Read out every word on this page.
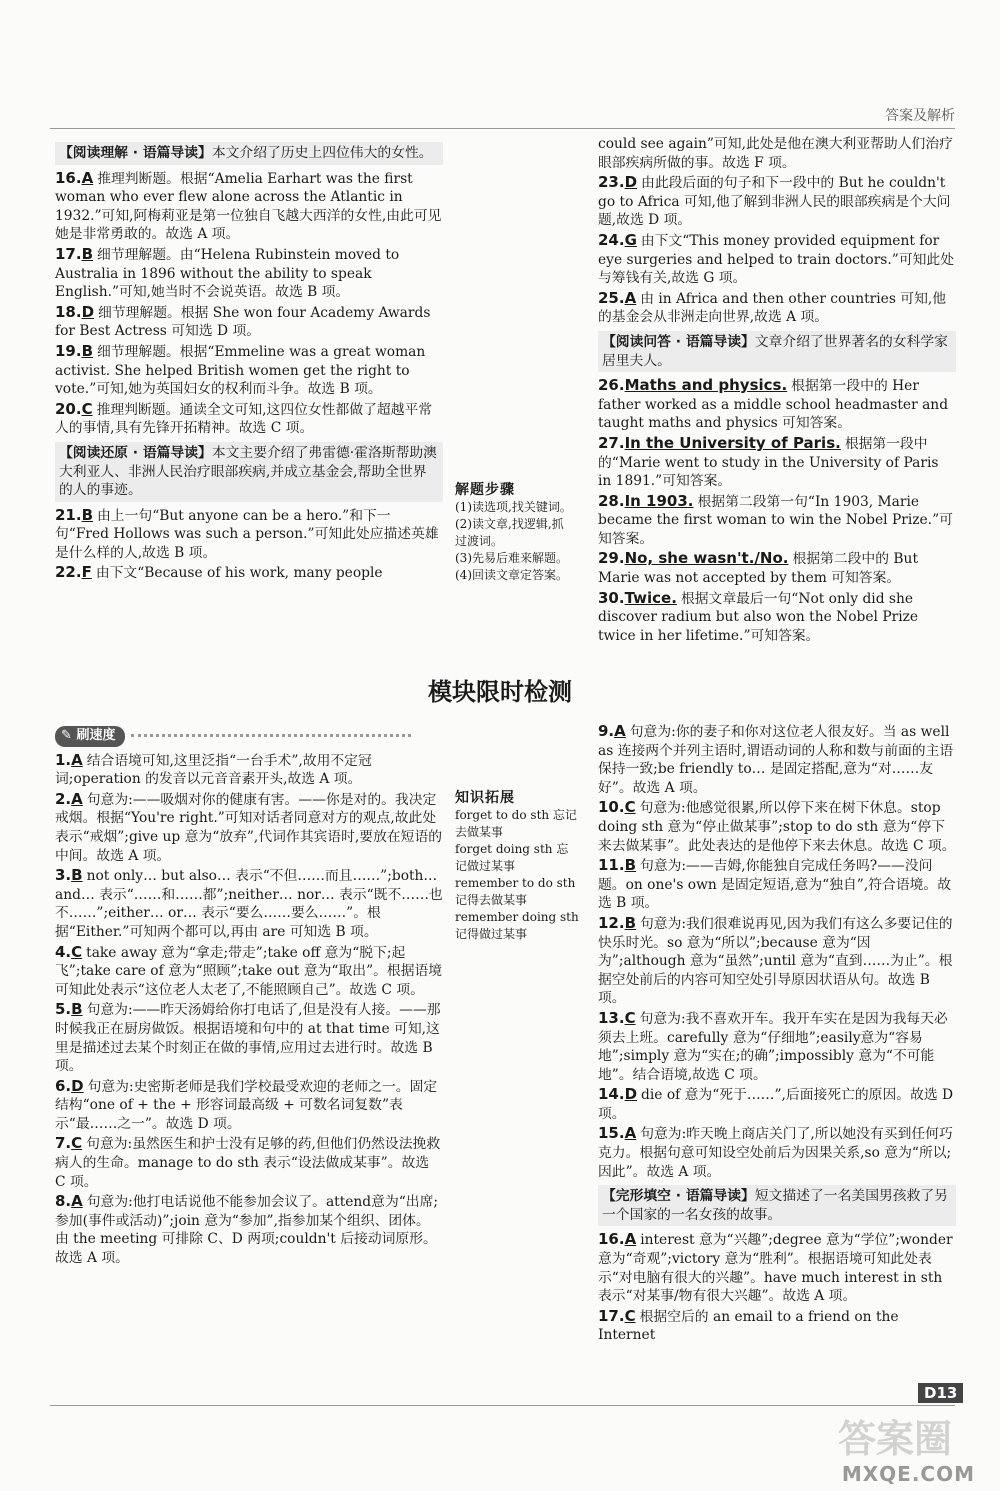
答案及解析
【阅读理解 · 语篇导读】本文介绍了历史上四位伟大的女性。
16.A 推理判断题。根据“Amelia Earhart was the first woman who ever flew alone across the Atlantic in 1932.”可知,阿梅莉亚是第一位独自飞越大西洋的女性,由此可见她是非常勇敢的。故选 A 项。
17.B 细节理解题。由“Helena Rubinstein moved to Australia in 1896 without the ability to speak English.”可知,她当时不会说英语。故选 B 项。
18.D 细节理解题。根据 She won four Academy Awards for Best Actress 可知选 D 项。
19.B 细节理解题。根据“Emmeline was a great woman activist. She helped British women get the right to vote.”可知,她为英国妇女的权利而斗争。故选 B 项。
20.C 推理判断题。通读全文可知,这四位女性都做了超越平常人的事情,具有先锋开拓精神。故选 C 项。
【阅读还原 · 语篇导读】本文主要介绍了弗雷德·霍洛斯帮助澳大利亚人、非洲人民治疗眼部疾病,并成立基金会,帮助全世界的人的事迹。
21.B 由上一句“But anyone can be a hero.”和下一句“Fred Hollows was such a person.”可知此处应描述英雄是什么样的人,故选 B 项。
22.F 由下文“Because of his work, many people
解题步骤
(1)读选项,找关键词。
(2)读文章,找逻辑,抓过渡词。
(3)先易后难来解题。
(4)回读文章定答案。
could see again”可知,此处是他在澳大利亚帮助人们治疗眼部疾病所做的事。故选 F 项。
23.D 由此段后面的句子和下一段中的 But he couldn't go to Africa 可知,他了解到非洲人民的眼部疾病是个大问题,故选 D 项。
24.G 由下文“This money provided equipment for eye surgeries and helped to train doctors.”可知此处与筹钱有关,故选 G 项。
25.A 由 in Africa and then other countries 可知,他的基金会从非洲走向世界,故选 A 项。
【阅读问答 · 语篇导读】文章介绍了世界著名的女科学家居里夫人。
26.Maths and physics. 根据第一段中的 Her father worked as a middle school headmaster and taught maths and physics 可知答案。
27.In the University of Paris. 根据第一段中的“Marie went to study in the University of Paris in 1891.”可知答案。
28.In 1903. 根据第二段第一句“In 1903, Marie became the first woman to win the Nobel Prize.”可知答案。
29.No, she wasn't./No. 根据第二段中的 But Marie was not accepted by them 可知答案。
30.Twice. 根据文章最后一句“Not only did she discover radium but also won the Nobel Prize twice in her lifetime.”可知答案。
模块限时检测
✎ 刷速度
1.A 结合语境可知,这里泛指“一台手术”,故用不定冠词;operation 的发音以元音音素开头,故选 A 项。
2.A 句意为:——吸烟对你的健康有害。——你是对的。我决定戒烟。根据“You're right.”可知对话者同意对方的观点,故此处表示“戒烟”;give up 意为“放弃”,代词作其宾语时,要放在短语的中间。故选 A 项。
3.B not only… but also… 表示“不但……而且……”;both… and… 表示“……和……都”;neither… nor… 表示“既不……也不……”;either… or… 表示“要么……要么……”。根据“Either.”可知两个都可以,再由 are 可知选 B 项。
4.C take away 意为“拿走;带走”;take off 意为“脱下;起飞”;take care of 意为“照顾”;take out 意为“取出”。根据语境可知此处表示“这位老人太老了,不能照顾自己”。故选 C 项。
5.B 句意为:——昨天汤姆给你打电话了,但是没有人接。——那时候我正在厨房做饭。根据语境和句中的 at that time 可知,这里是描述过去某个时刻正在做的事情,应用过去进行时。故选 B 项。
6.D 句意为:史密斯老师是我们学校最受欢迎的老师之一。固定结构“one of + the + 形容词最高级 + 可数名词复数”表示“最……之一”。故选 D 项。
7.C 句意为:虽然医生和护士没有足够的药,但他们仍然设法挽救病人的生命。manage to do sth 表示“设法做成某事”。故选 C 项。
8.A 句意为:他打电话说他不能参加会议了。attend意为“出席;参加(事件或活动)”;join 意为“参加”,指参加某个组织、团体。由 the meeting 可排除 C、D 两项;couldn't 后接动词原形。故选 A 项。
知识拓展
forget to do sth 忘记去做某事
forget doing sth 忘记做过某事
remember to do sth 记得去做某事
remember doing sth 记得做过某事
9.A 句意为:你的妻子和你对这位老人很友好。当 as well as 连接两个并列主语时,谓语动词的人称和数与前面的主语保持一致;be friendly to… 是固定搭配,意为“对……友好”。故选 A 项。
10.C 句意为:他感觉很累,所以停下来在树下休息。stop doing sth 意为“停止做某事”;stop to do sth 意为“停下来去做某事”。此处表达的是他停下来去休息。故选 C 项。
11.B 句意为:——吉姆,你能独自完成任务吗?——没问题。on one's own 是固定短语,意为“独自”,符合语境。故选 B 项。
12.B 句意为:我们很难说再见,因为我们有这么多要记住的快乐时光。so 意为“所以”;because 意为“因为”;although 意为“虽然”;until 意为“直到……为止”。根据空处前后的内容可知空处引导原因状语从句。故选 B 项。
13.C 句意为:我不喜欢开车。我开车实在是因为我每天必须去上班。carefully 意为“仔细地”;easily意为“容易地”;simply 意为“实在;的确”;impossibly 意为“不可能地”。结合语境,故选 C 项。
14.D die of 意为“死于……”,后面接死亡的原因。故选 D 项。
15.A 句意为:昨天晚上商店关门了,所以她没有买到任何巧克力。根据句意可知设空处前后为因果关系,so 意为“所以;因此”。故选 A 项。
【完形填空 · 语篇导读】短文描述了一名美国男孩救了另一个国家的一名女孩的故事。
16.A interest 意为“兴趣”;degree 意为“学位”;wonder 意为“奇观”;victory 意为“胜利”。根据语境可知此处表示“对电脑有很大的兴趣”。have much interest in sth 表示“对某事/物有很大兴趣”。故选 A 项。
17.C 根据空后的 an email to a friend on the Internet
D13
答案圈
MXQE.COM
